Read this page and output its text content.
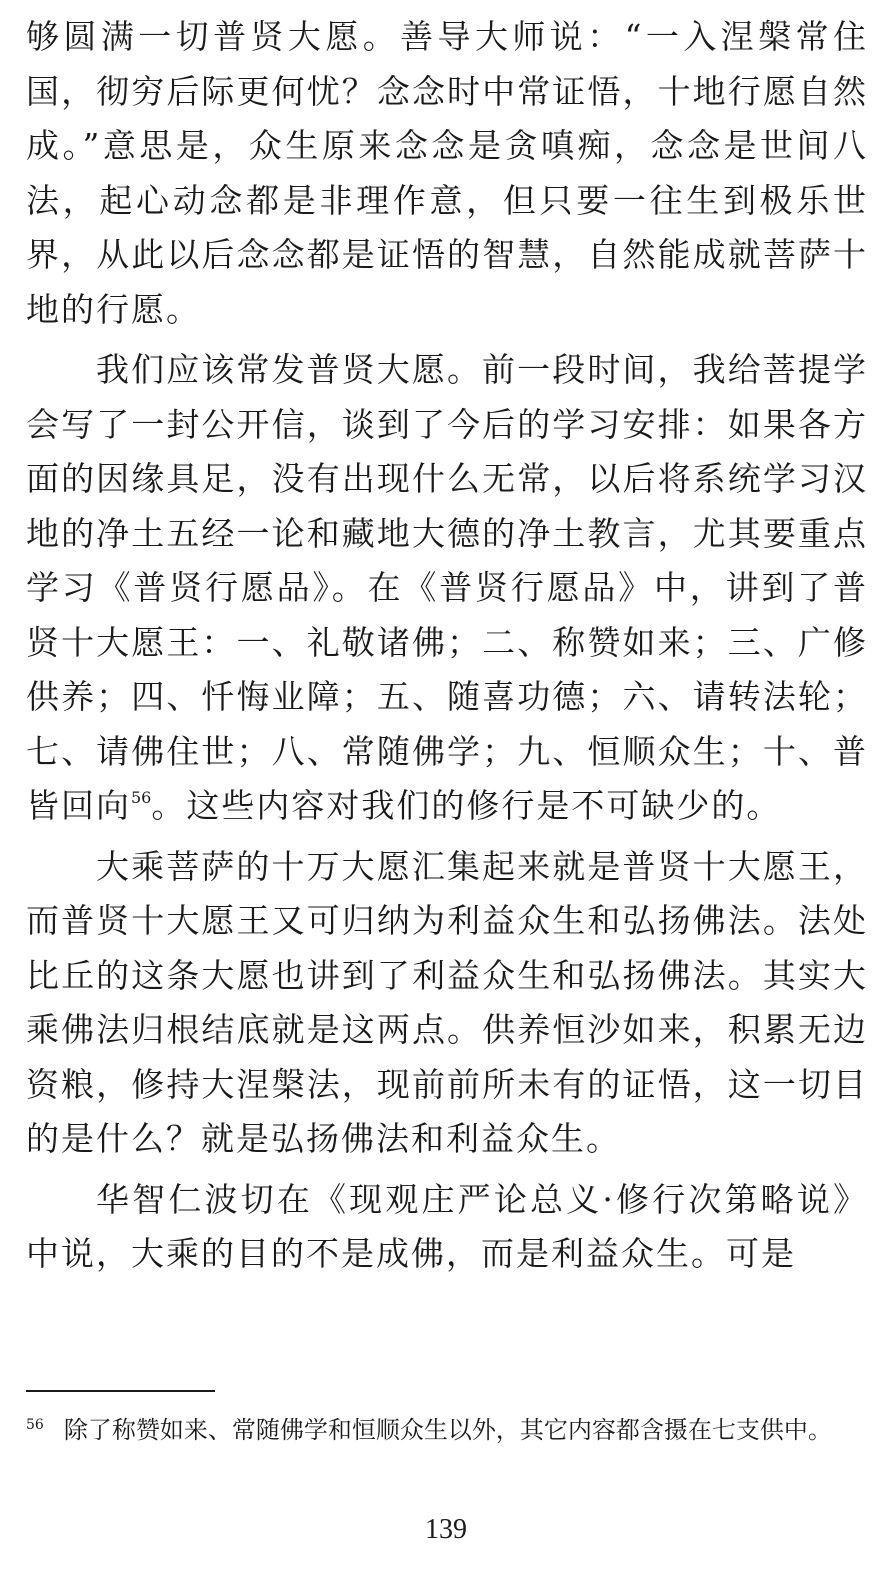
够圆满一切普贤大愿。善导大师说：“一入涅槃常住国，彻穷后际更何忧？念念时中常证悟，十地行愿自然成。”意思是，众生原来念念是贪嗔痴，念念是世间八法，起心动念都是非理作意，但只要一往生到极乐世界，从此以后念念都是证悟的智慧，自然能成就菩萨十地的行愿。

我们应该常发普贤大愿。前一段时间，我给菩提学会写了一封公开信，谈到了今后的学习安排：如果各方面的因缘具足，没有出现什么无常，以后将系统学习汉地的净土五经一论和藏地大德的净土教言，尤其要重点学习《普贤行愿品》。在《普贤行愿品》中，讲到了普贤十大愿王：一、礼敬诸佛；二、称赞如来；三、广修供养；四、忏悔业障；五、随喜功德；六、请转法轮；七、请佛住世；八、常随佛学；九、恒顺众生；十、普皆回向$^{56}$。这些内容对我们的修行是不可缺少的。

大乘菩萨的十万大愿汇集起来就是普贤十大愿王，而普贤十大愿王又可归纳为利益众生和弘扬佛法。法处比丘的这条大愿也讲到了利益众生和弘扬佛法。其实大乘佛法归根结底就是这两点。供养恒沙如来，积累无边资粮，修持大涅槃法，现前前所未有的证悟，这一切目的是什么？就是弘扬佛法和利益众生。

华智仁波切在《现观庄严论总义·修行次第略说》中说，大乘的目的不是成佛，而是利益众生。可是

$^{56}$ 除了称赞如来、常随佛学和恒顺众生以外，其它内容都含摄在七支供中。

139
